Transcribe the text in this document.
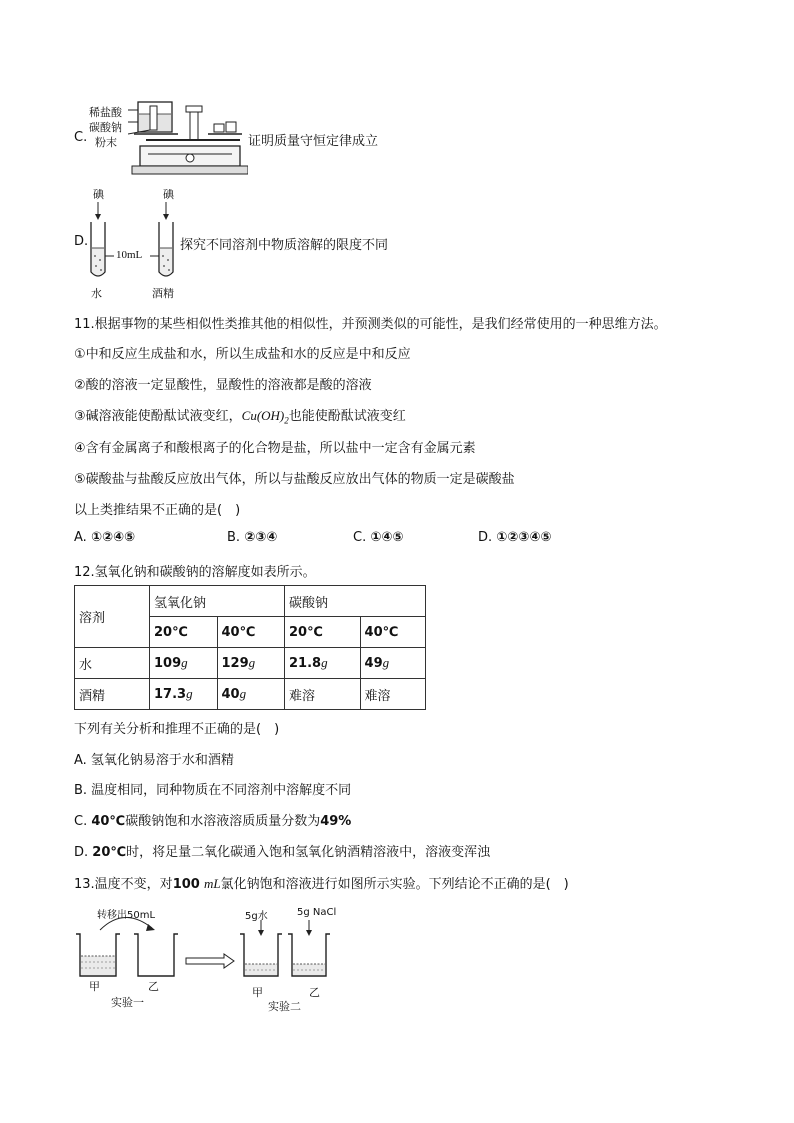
C.
稀盐酸
碳酸钠
粉末	证明质量守恒定律成立
D.
碘	碘
10mL
水	酒精
探究不同溶剂中物质溶解的限度不同
11.根据事物的某些相似性类推其他的相似性，并预测类似的可能性，是我们经常使用的一种思维方法。
①中和反应生成盐和水，所以生成盐和水的反应是中和反应
②酸的溶液一定显酸性，显酸性的溶液都是酸的溶液
③碱溶液能使酚酞试液变红，$Cu(OH)_2$也能使酚酞试液变红
④含有金属离子和酸根离子的化合物是盐，所以盐中一定含有金属元素
⑤碳酸盐与盐酸反应放出气体，所以与盐酸反应放出气体的物质一定是碳酸盐
以上类推结果不正确的是(　)
A. ①②④⑤	B. ②③④	C. ①④⑤	D. ①②③④⑤
12.氢氧化钠和碳酸钠的溶解度如表所示。
溶剂	氢氧化钠		碳酸钠	
	20℃	40℃	20℃	40℃
水	109g	129g	21.8g	49g
酒精	17.3g	40g	难溶	难溶
下列有关分析和推理不正确的是(　)
A. 氢氧化钠易溶于水和酒精
B. 温度相同，同种物质在不同溶剂中溶解度不同
C. 40℃碳酸钠饱和水溶液溶质质量分数为49%
D. 20℃时，将足量二氧化碳通入饱和氢氧化钠酒精溶液中，溶液变浑浊
13.温度不变，对100 mL氯化钠饱和溶液进行如图所示实验。下列结论不正确的是(　)
转移出50mL
甲	乙
实验一
5g水	5g NaCl
甲	乙
实验二
